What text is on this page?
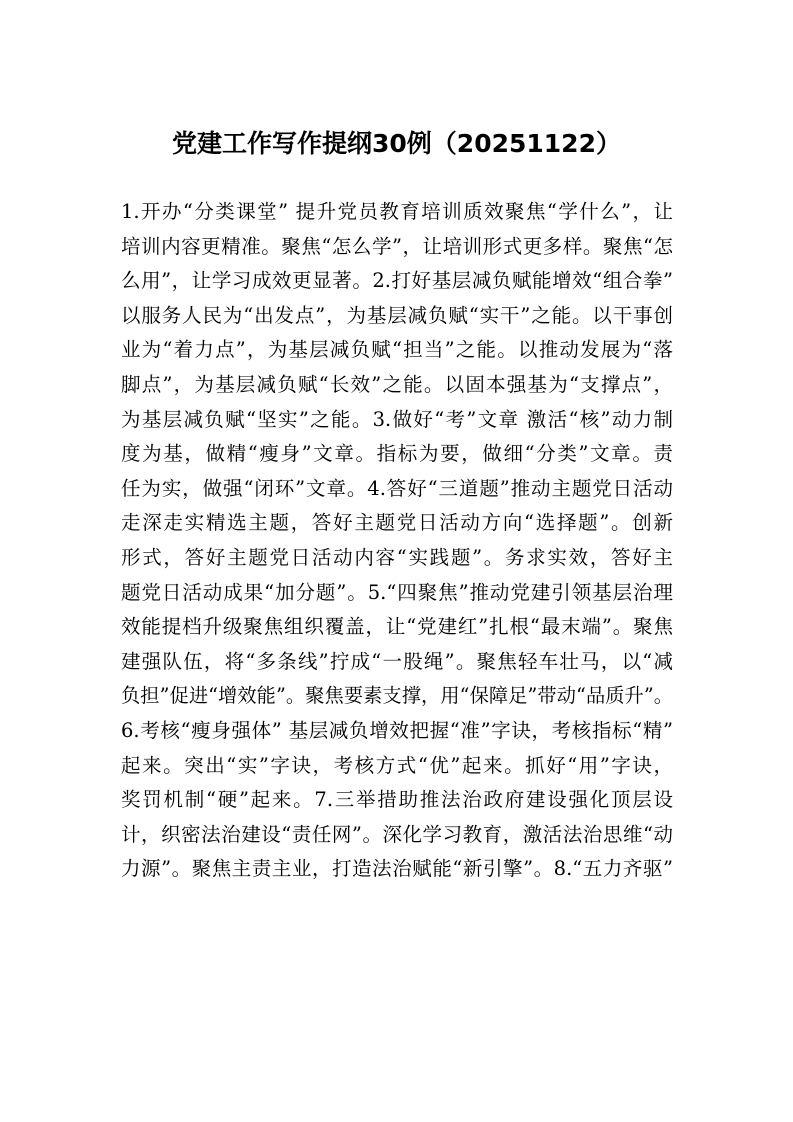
党建工作写作提纲30例（20251122）
1.开办“分类课堂” 提升党员教育培训质效聚焦“学什么”，让
培训内容更精准。聚焦“怎么学”，让培训形式更多样。聚焦“怎
么用”，让学习成效更显著。2.打好基层减负赋能增效“组合拳”
以服务人民为“出发点”，为基层减负赋“实干”之能。以干事创
业为“着力点”，为基层减负赋“担当”之能。以推动发展为“落
脚点”，为基层减负赋“长效”之能。以固本强基为“支撑点”，
为基层减负赋“坚实”之能。3.做好“考”文章 激活“核”动力制
度为基，做精“瘦身”文章。指标为要，做细“分类”文章。责
任为实，做强“闭环”文章。4.答好“三道题”推动主题党日活动
走深走实精选主题，答好主题党日活动方向“选择题”。创新
形式，答好主题党日活动内容“实践题”。务求实效，答好主
题党日活动成果“加分题”。5.“四聚焦”推动党建引领基层治理
效能提档升级聚焦组织覆盖，让“党建红”扎根“最末端”。聚焦
建强队伍，将“多条线”拧成“一股绳”。聚焦轻车壮马，以“减
负担”促进“增效能”。聚焦要素支撑，用“保障足”带动“品质升”。
6.考核“瘦身强体” 基层减负增效把握“准”字诀，考核指标“精”
起来。突出“实”字诀，考核方式“优”起来。抓好“用”字诀，
奖罚机制“硬”起来。7.三举措助推法治政府建设强化顶层设
计，织密法治建设“责任网”。深化学习教育，激活法治思维“动
力源”。聚焦主责主业，打造法治赋能“新引擎”。8.“五力齐驱”
